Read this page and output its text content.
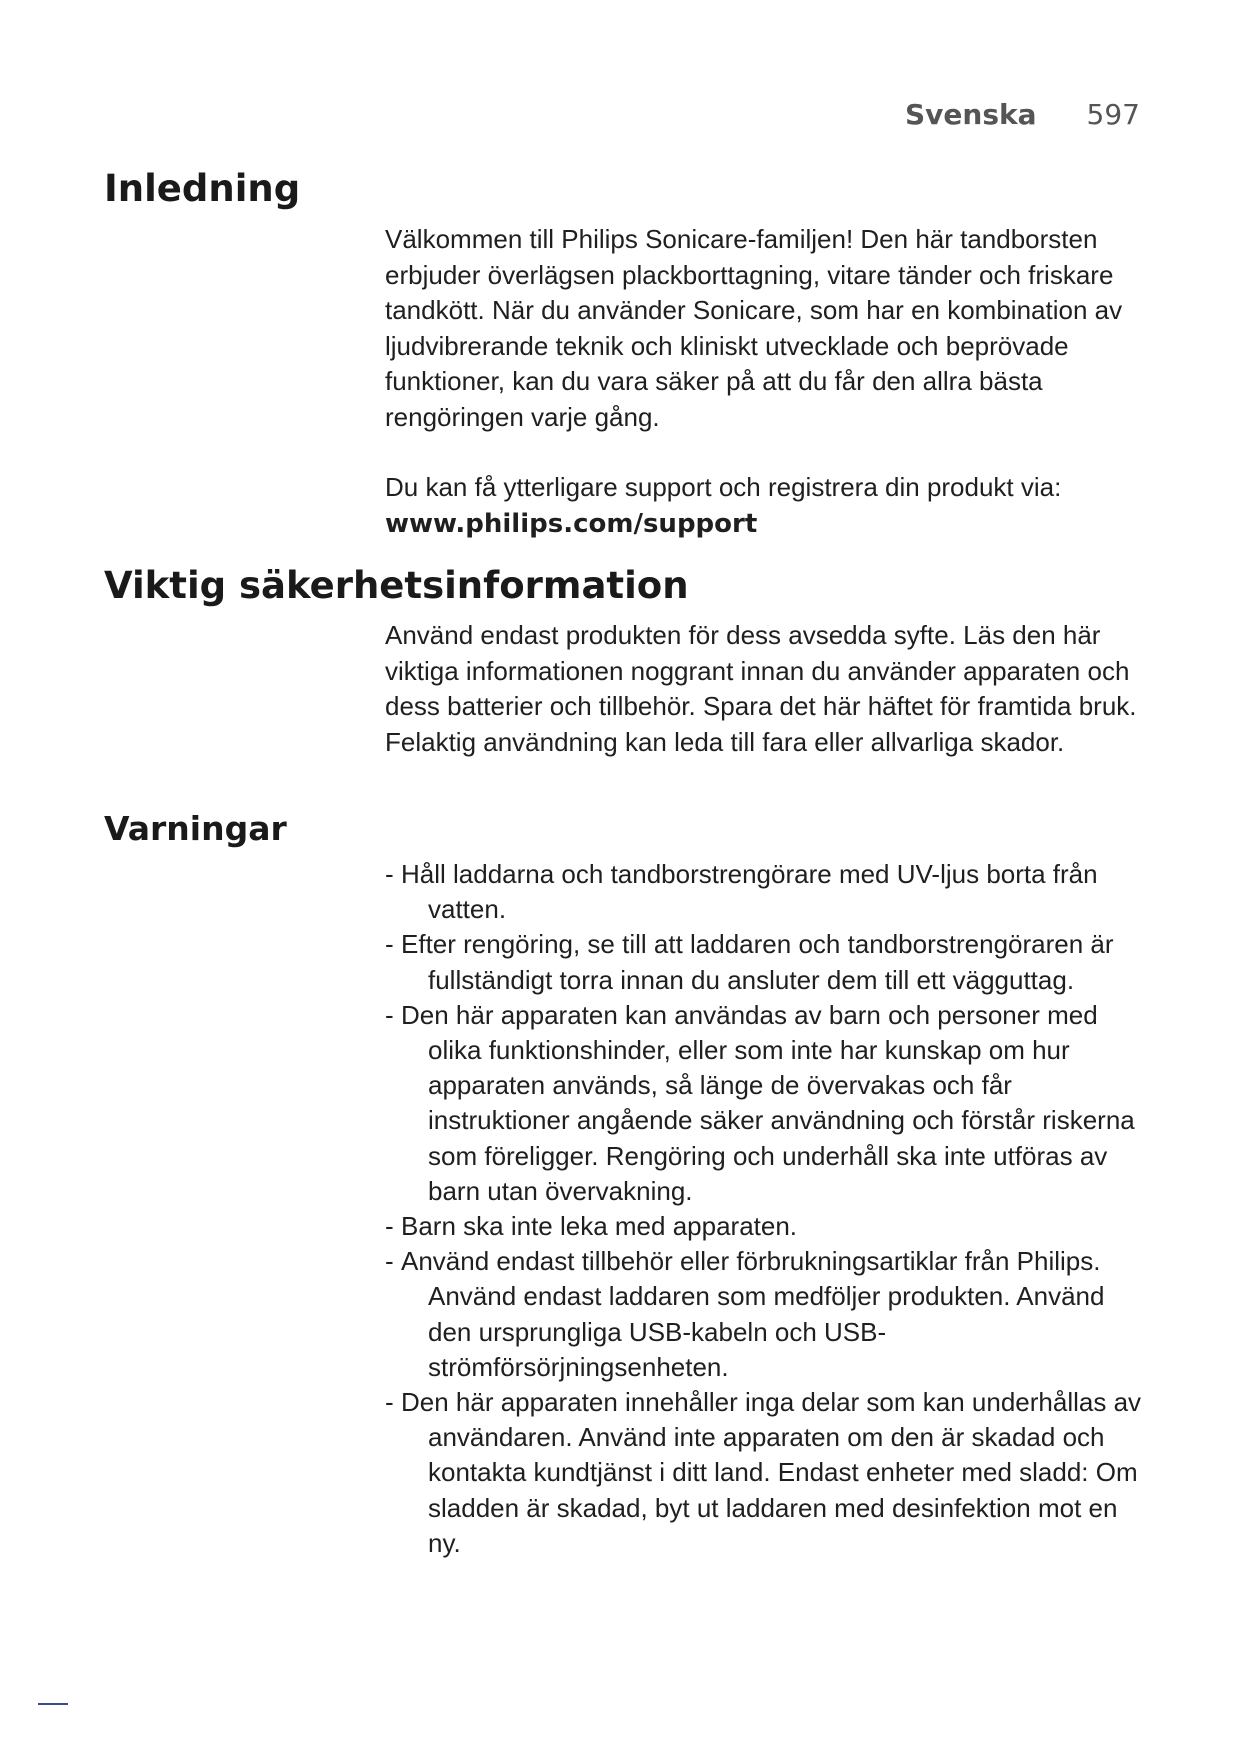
Svenska 597
Inledning

Välkommen till Philips Sonicare-familjen! Den här tandborsten erbjuder överlägsen plackborttagning, vitare tänder och friskare tandkött. När du använder Sonicare, som har en kombination av ljudvibrerande teknik och kliniskt utvecklade och beprövade funktioner, kan du vara säker på att du får den allra bästa rengöringen varje gång.

Du kan få ytterligare support och registrera din produkt via: www.philips.com/support

Viktig säkerhetsinformation

Använd endast produkten för dess avsedda syfte. Läs den här viktiga informationen noggrant innan du använder apparaten och dess batterier och tillbehör. Spara det här häftet för framtida bruk. Felaktig användning kan leda till fara eller allvarliga skador.

Varningar
- Håll laddarna och tandborstrengörare med UV-ljus borta från vatten.
- Efter rengöring, se till att laddaren och tandborstrengöraren är fullständigt torra innan du ansluter dem till ett vägguttag.
- Den här apparaten kan användas av barn och personer med olika funktionshinder, eller som inte har kunskap om hur apparaten används, så länge de övervakas och får instruktioner angående säker användning och förstår riskerna som föreligger. Rengöring och underhåll ska inte utföras av barn utan övervakning.
- Barn ska inte leka med apparaten.
- Använd endast tillbehör eller förbrukningsartiklar från Philips. Använd endast laddaren som medföljer produkten. Använd den ursprungliga USB-kabeln och USB-strömförsörjningsenheten.
- Den här apparaten innehåller inga delar som kan underhållas av användaren. Använd inte apparaten om den är skadad och kontakta kundtjänst i ditt land. Endast enheter med sladd: Om sladden är skadad, byt ut laddaren med desinfektion mot en ny.
